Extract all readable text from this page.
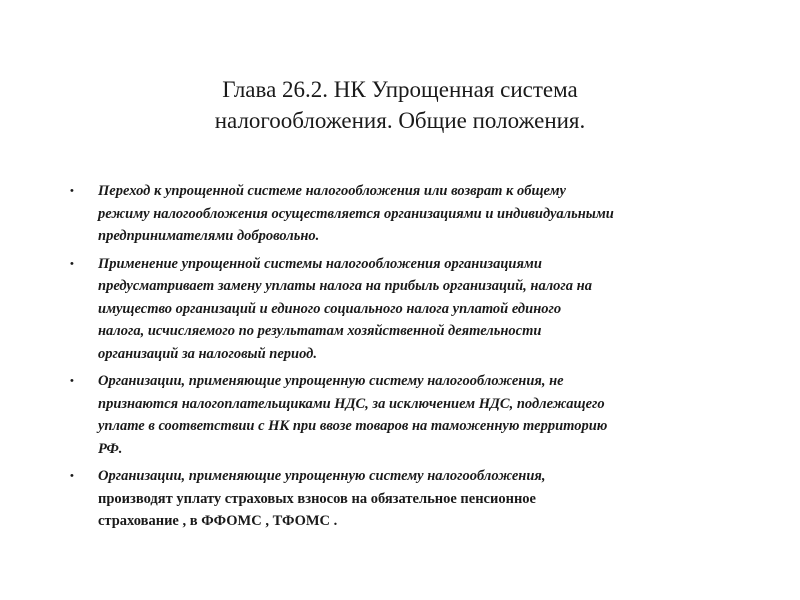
Глава 26.2. НК Упрощенная система
налогообложения. Общие положения.
• Переход к упрощенной системе налогообложения или возврат к общему
режиму налогообложения осуществляется организациями и индивидуальными
предпринимателями добровольно.
• Применение упрощенной системы налогообложения организациями
предусматривает замену уплаты налога на прибыль организаций, налога на
имущество организаций и единого социального налога уплатой единого
налога, исчисляемого по результатам хозяйственной деятельности
организаций за налоговый период.
• Организации, применяющие упрощенную систему налогообложения, не
признаются налогоплательщиками НДС, за исключением НДС, подлежащего
уплате в соответствии с НК при ввозе товаров на таможенную территорию
РФ.
• Организации, применяющие упрощенную систему налогообложения,
производят уплату страховых взносов на обязательное пенсионное
страхование , в ФФОМС , ТФОМС .
